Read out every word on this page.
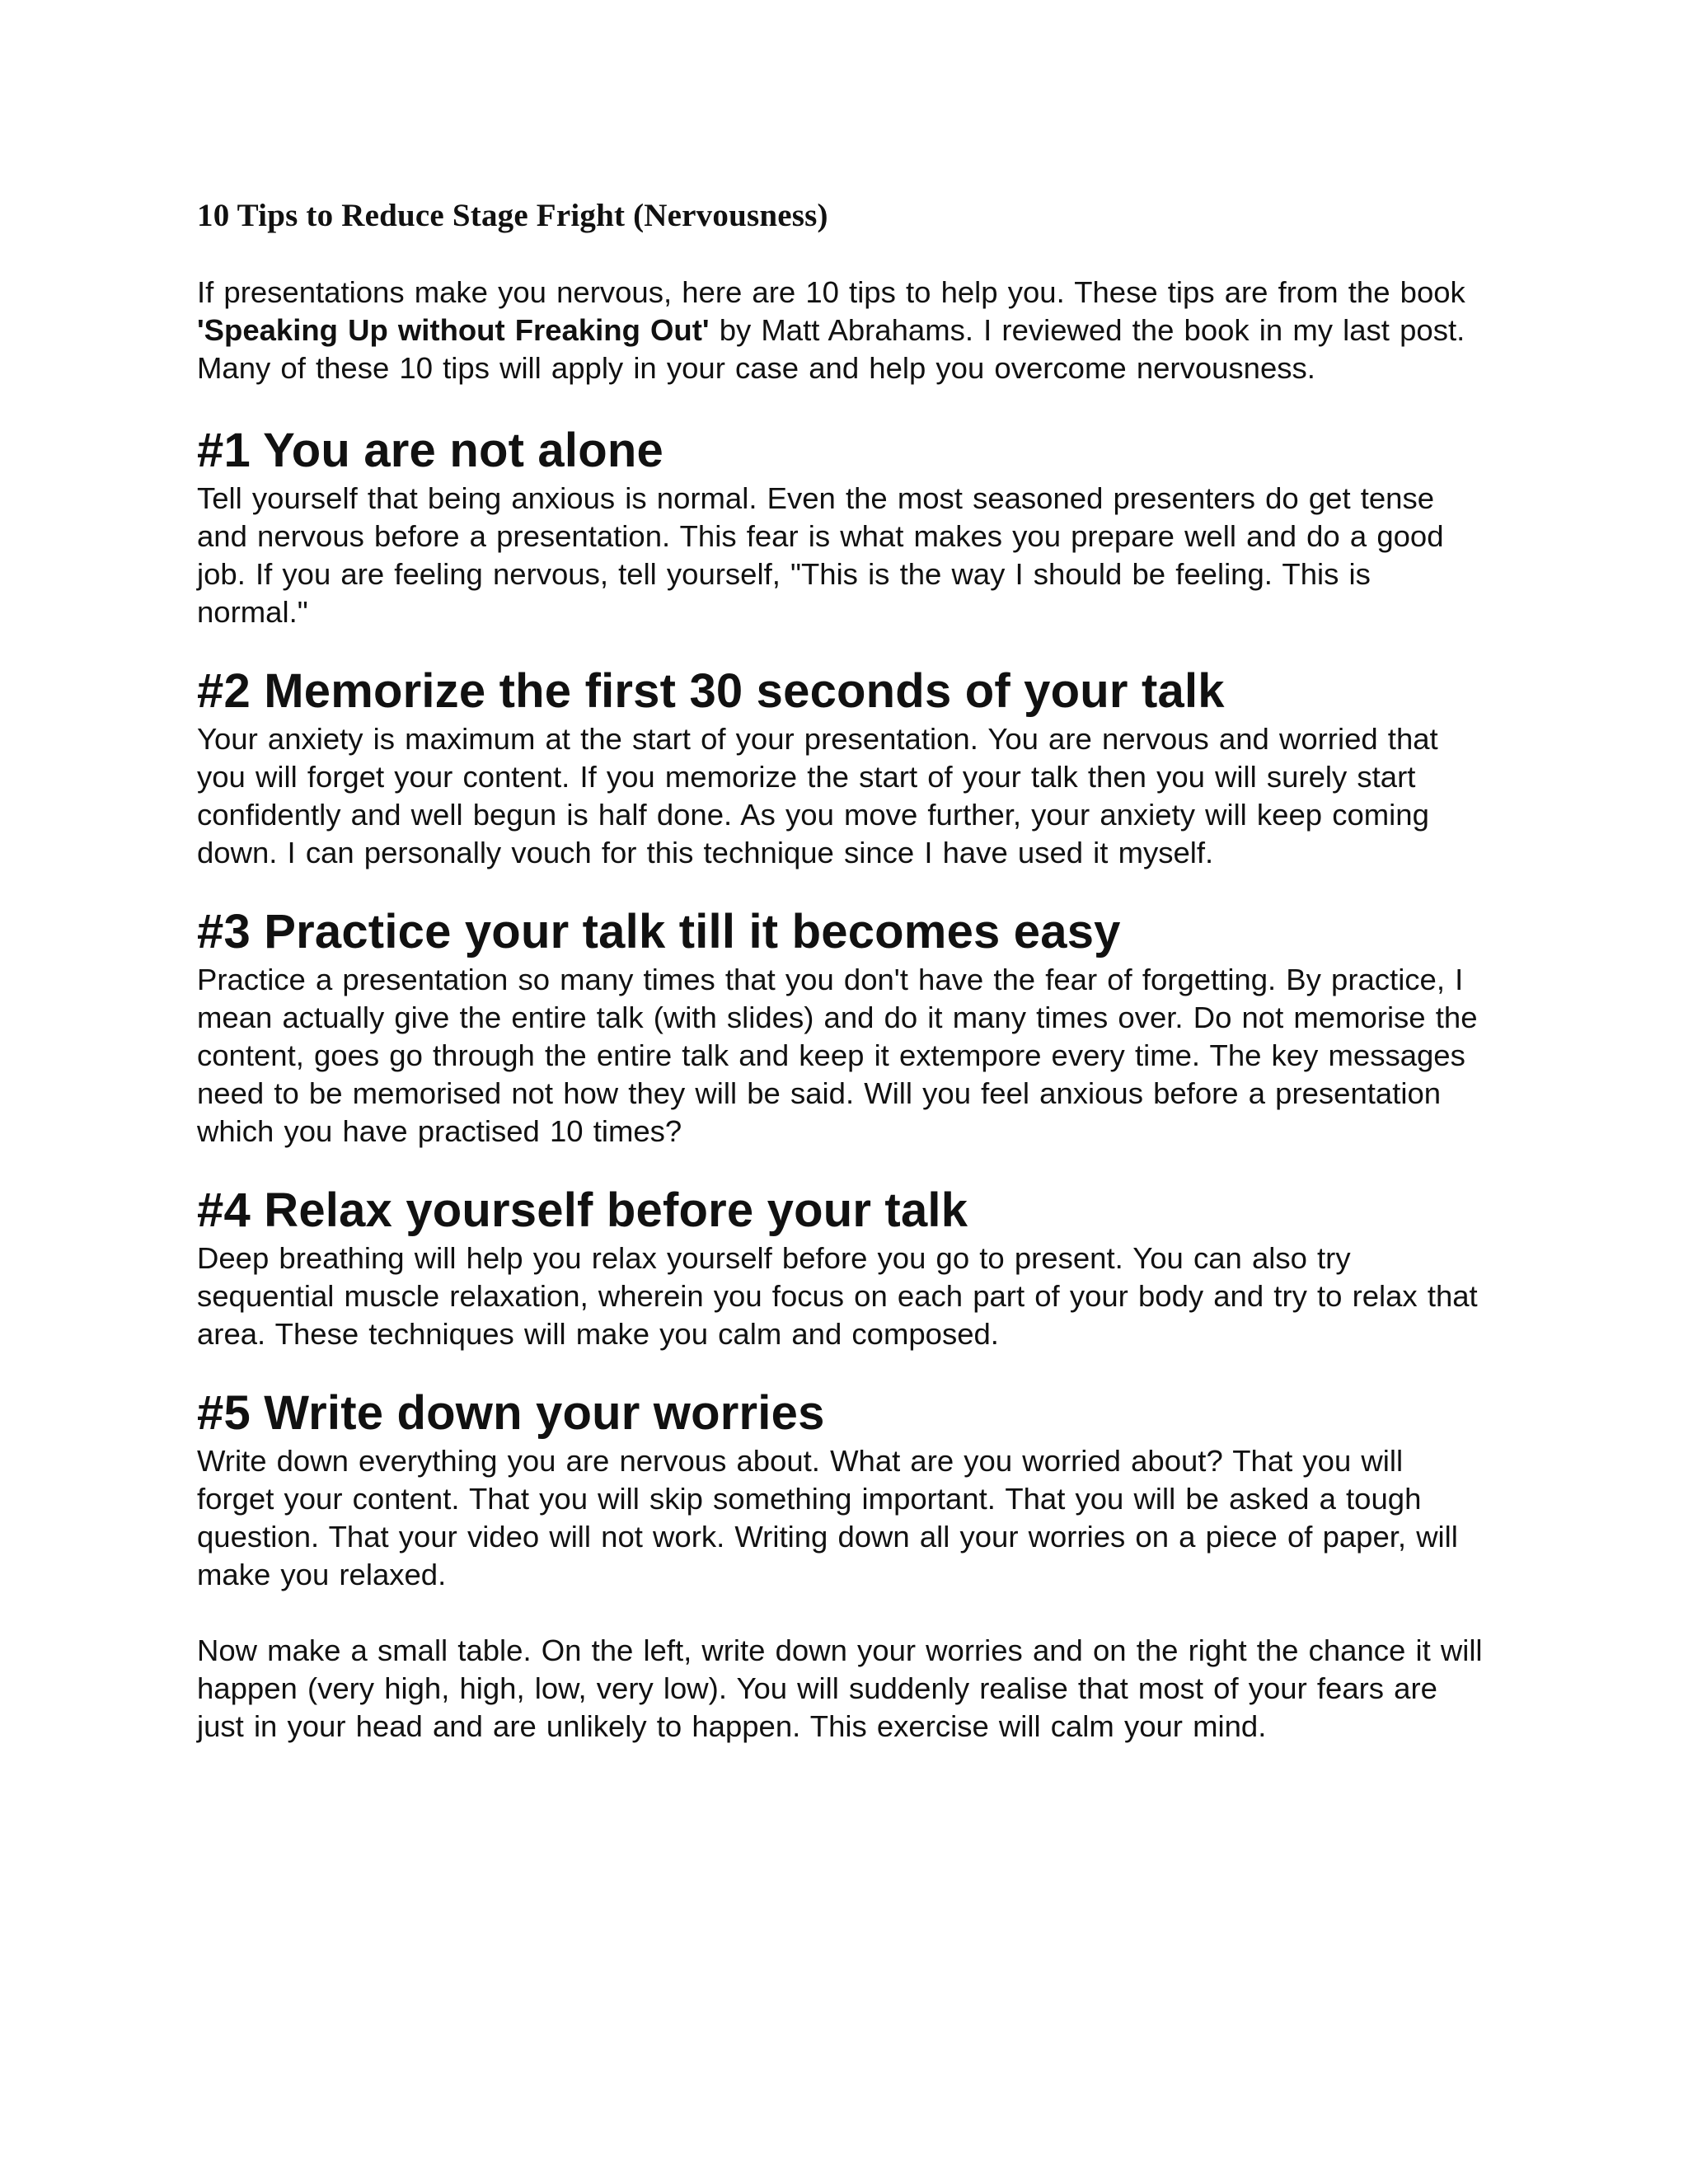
10 Tips to Reduce Stage Fright (Nervousness)

If presentations make you nervous, here are 10 tips to help you. These tips are from the book 'Speaking Up without Freaking Out' by Matt Abrahams. I reviewed the book in my last post. Many of these 10 tips will apply in your case and help you overcome nervousness.

#1 You are not alone

Tell yourself that being anxious is normal. Even the most seasoned presenters do get tense and nervous before a presentation. This fear is what makes you prepare well and do a good job. If you are feeling nervous, tell yourself, "This is the way I should be feeling. This is normal."

#2 Memorize the first 30 seconds of your talk

Your anxiety is maximum at the start of your presentation. You are nervous and worried that you will forget your content. If you memorize the start of your talk then you will surely start confidently and well begun is half done. As you move further, your anxiety will keep coming down. I can personally vouch for this technique since I have used it myself.

#3 Practice your talk till it becomes easy

Practice a presentation so many times that you don't have the fear of forgetting. By practice, I mean actually give the entire talk (with slides) and do it many times over. Do not memorise the content, goes go through the entire talk and keep it extempore every time. The key messages need to be memorised not how they will be said. Will you feel anxious before a presentation which you have practised 10 times?

#4 Relax yourself before your talk

Deep breathing will help you relax yourself before you go to present. You can also try sequential muscle relaxation, wherein you focus on each part of your body and try to relax that area. These techniques will make you calm and composed.

#5 Write down your worries

Write down everything you are nervous about. What are you worried about? That you will forget your content. That you will skip something important. That you will be asked a tough question. That your video will not work. Writing down all your worries on a piece of paper, will make you relaxed.

Now make a small table. On the left, write down your worries and on the right the chance it will happen (very high, high, low, very low). You will suddenly realise that most of your fears are just in your head and are unlikely to happen. This exercise will calm your mind.
